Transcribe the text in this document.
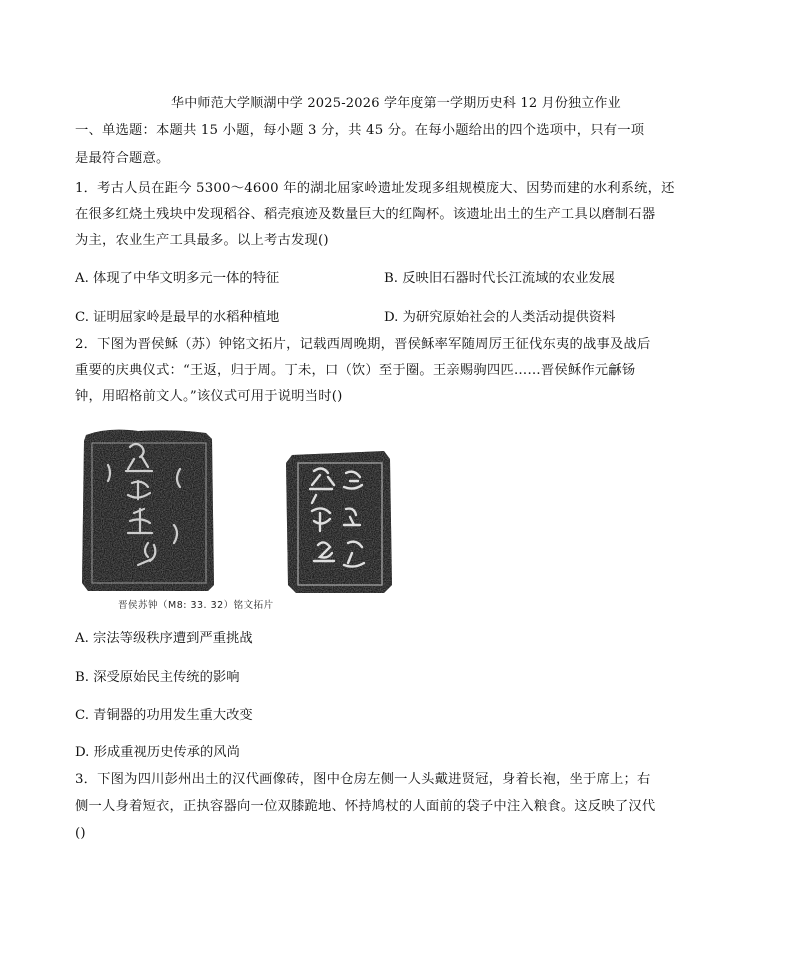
华中师范大学顺湖中学 2025-2026 学年度第一学期历史科 12 月份独立作业
一、单选题：本题共 15 小题，每小题 3 分，共 45 分。在每小题给出的四个选项中，只有一项
是最符合题意。
1．考古人员在距今 5300～4600 年的湖北屈家岭遗址发现多组规模庞大、因势而建的水利系统，还
在很多红烧土残块中发现稻谷、稻壳痕迹及数量巨大的红陶杯。该遗址出土的生产工具以磨制石器
为主，农业生产工具最多。以上考古发现()
A. 体现了中华文明多元一体的特征	B. 反映旧石器时代长江流域的农业发展
C. 证明屈家岭是最早的水稻种植地	D. 为研究原始社会的人类活动提供资料
2．下图为晋侯稣（苏）钟铭文拓片，记载西周晚期，晋侯稣率军随周厉王征伐东夷的战事及战后
重要的庆典仪式：“王返，归于周。丁未，口（饮）至于圈。王亲赐驹四匹……晋侯稣作元龢钖
钟，用昭格前文人。”该仪式可用于说明当时()
晋侯苏钟（M8: 33. 32）铭文拓片
A. 宗法等级秩序遭到严重挑战
B. 深受原始民主传统的影响
C. 青铜器的功用发生重大改变
D. 形成重视历史传承的风尚
3．下图为四川彭州出土的汉代画像砖，图中仓房左侧一人头戴进贤冠，身着长袍，坐于席上；右
侧一人身着短衣，正执容器向一位双膝跪地、怀持鸠杖的人面前的袋子中注入粮食。这反映了汉代
()
